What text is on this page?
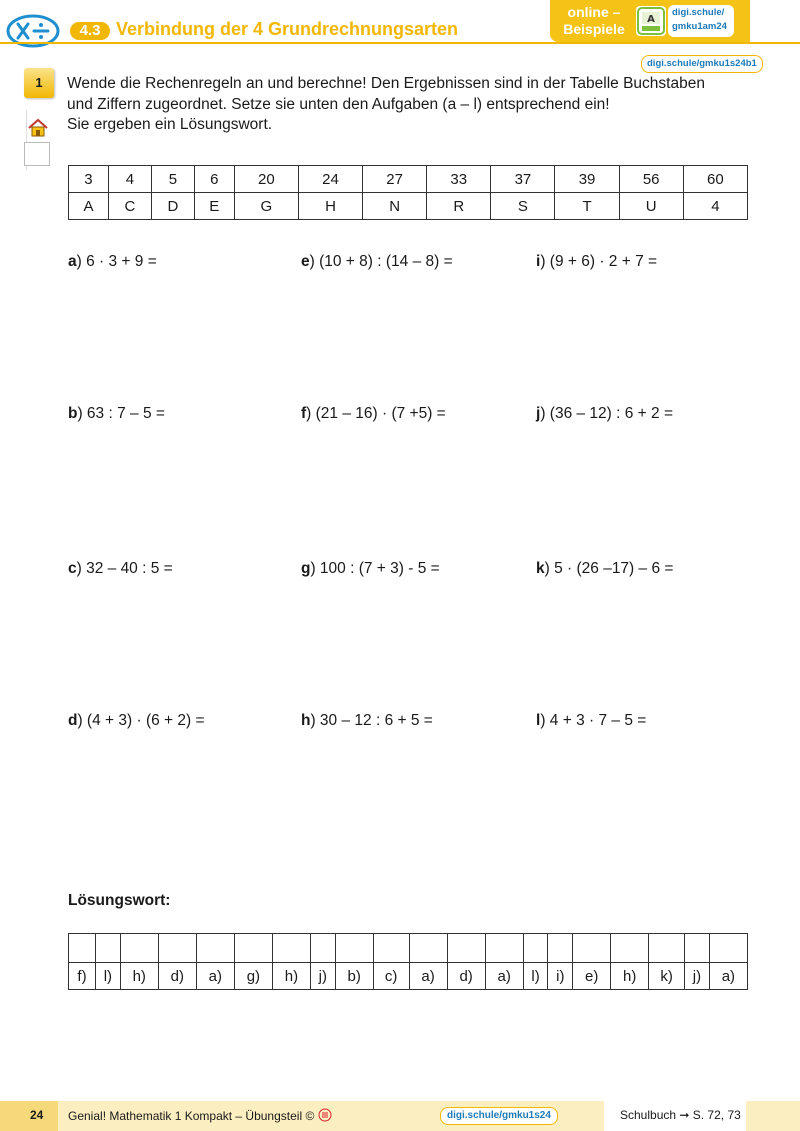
4.3 Verbindung der 4 Grundrechnungsarten
online –
Beispiele
A
digi.schule/
gmku1am24
digi.schule/gmku1s24b1
1	Wende die Rechenregeln an und berechne! Den Ergebnissen sind in der Tabelle Buchstaben
und Ziffern zugeordnet. Setze sie unten den Aufgaben (a – l) entsprechend ein!
Sie ergeben ein Lösungswort.
3	4	5	6	20	24	27	33	37	39	56	60
A	C	D	E	G	H	N	R	S	T	U	4
a) 6 · 3 + 9 =	e) (10 + 8) : (14 – 8) =	i) (9 + 6) · 2 + 7 =
b) 63 : 7 – 5 =	f) (21 – 16) · (7 +5) =	j) (36 – 12) : 6 + 2 =
c) 32 – 40 : 5 =	g) 100 : (7 + 3) - 5 =	k) 5 · (26 –17) – 6 =
d) (4 + 3) · (6 + 2) =	h) 30 – 12 : 6 + 5 =	l) 4 + 3 · 7 – 5 =
Lösungswort:

f)	l)	h)	d)	a)	g)	h)	j)	b)	c)	a)	d)	a)	l)	i)	e)	h)	k)	j)	a)
24 Genial! Mathematik 1 Kompakt – Übungsteil ©	digi.schule/gmku1s24	Schulbuch ➞ S. 72, 73
